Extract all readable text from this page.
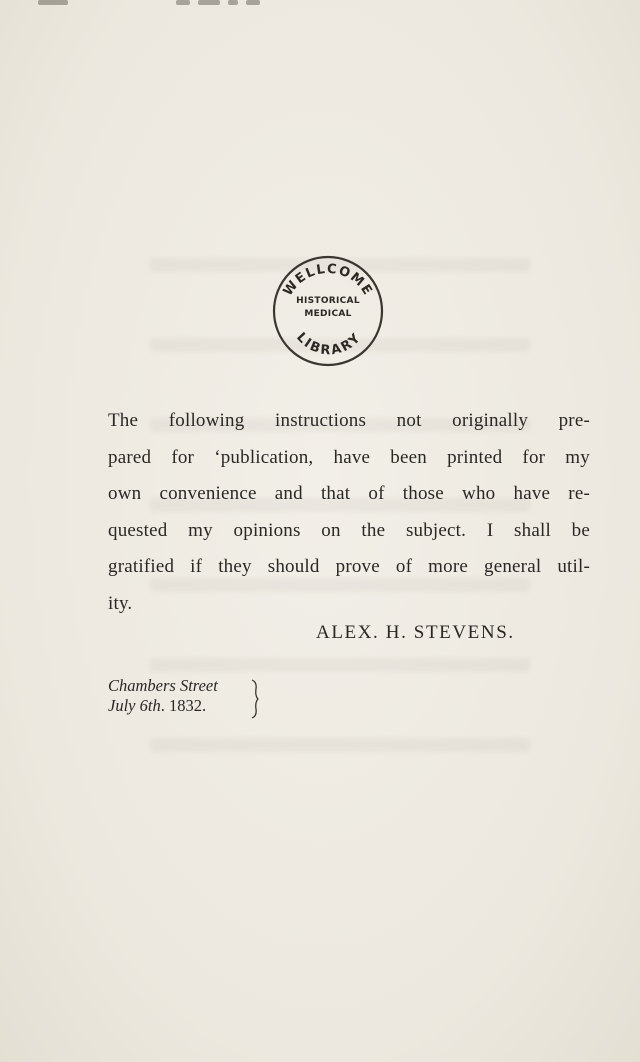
WELLCOME
HISTORICAL
MEDICAL
LIBRARY
The following instructions not originally pre-
pared for ‘publication, have been printed for my
own convenience and that of those who have re-
quested my opinions on the subject. I shall be
gratified if they should prove of more general util-
ity.
ALEX. H. STEVENS.
Chambers Street
July 6th. 1832.
